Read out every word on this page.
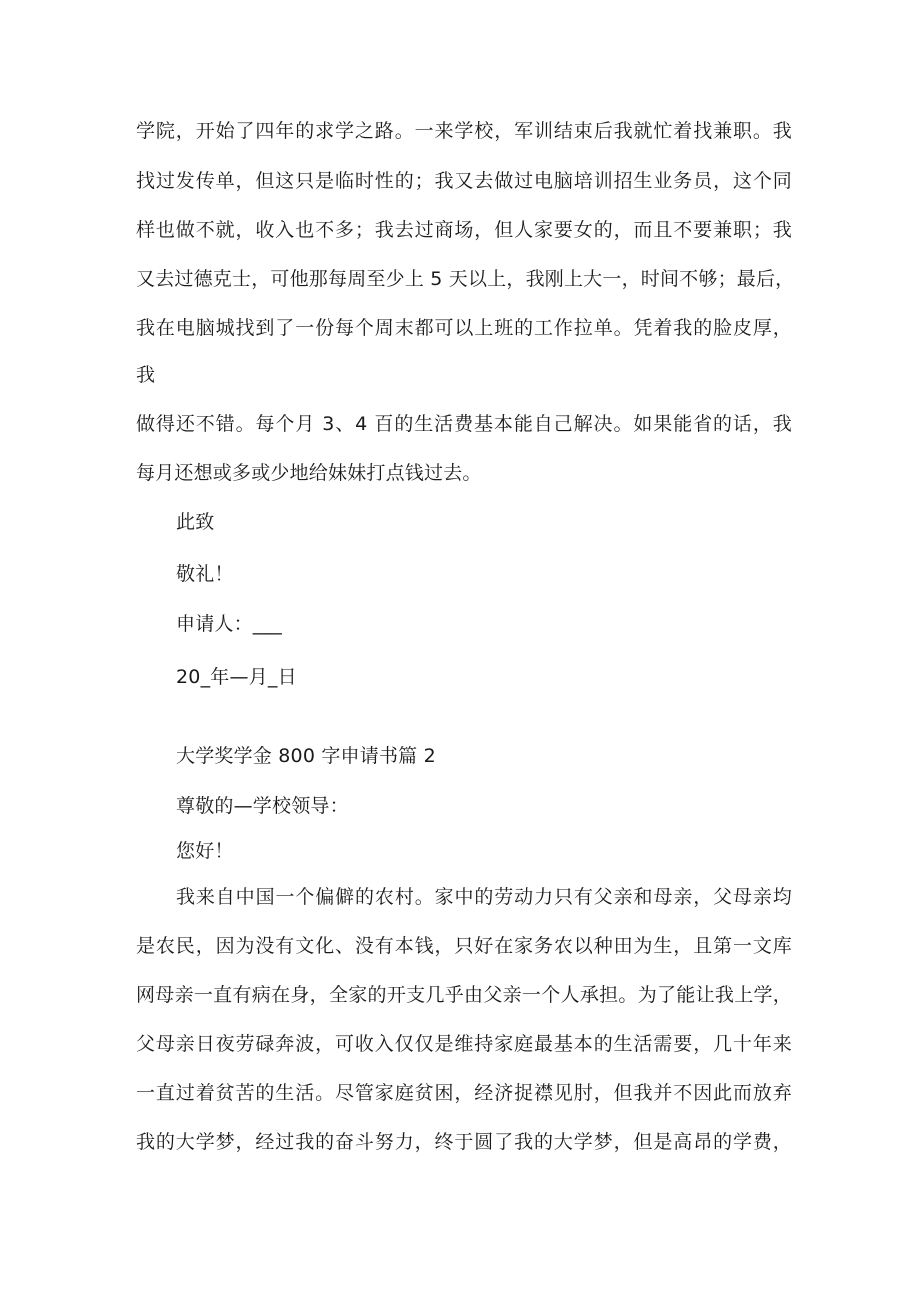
学院，开始了四年的求学之路。一来学校，军训结束后我就忙着找兼职。我
找过发传单，但这只是临时性的；我又去做过电脑培训招生业务员，这个同
样也做不就，收入也不多；我去过商场，但人家要女的，而且不要兼职；我
又去过德克士，可他那每周至少上 5 天以上，我刚上大一，时间不够；最后，
我在电脑城找到了一份每个周末都可以上班的工作拉单。凭着我的脸皮厚，
我
做得还不错。每个月 3、4 百的生活费基本能自己解决。如果能省的话，我
每月还想或多或少地给妹妹打点钱过去。
此致
敬礼！
申请人：___
20_年—月_日
大学奖学金 800 字申请书篇 2
尊敬的—学校领导：
您好！
我来自中国一个偏僻的农村。家中的劳动力只有父亲和母亲，父母亲均
是农民，因为没有文化、没有本钱，只好在家务农以种田为生，且第一文库
网母亲一直有病在身，全家的开支几乎由父亲一个人承担。为了能让我上学，
父母亲日夜劳碌奔波，可收入仅仅是维持家庭最基本的生活需要，几十年来
一直过着贫苦的生活。尽管家庭贫困，经济捉襟见肘，但我并不因此而放弃
我的大学梦，经过我的奋斗努力，终于圆了我的大学梦，但是高昂的学费，
